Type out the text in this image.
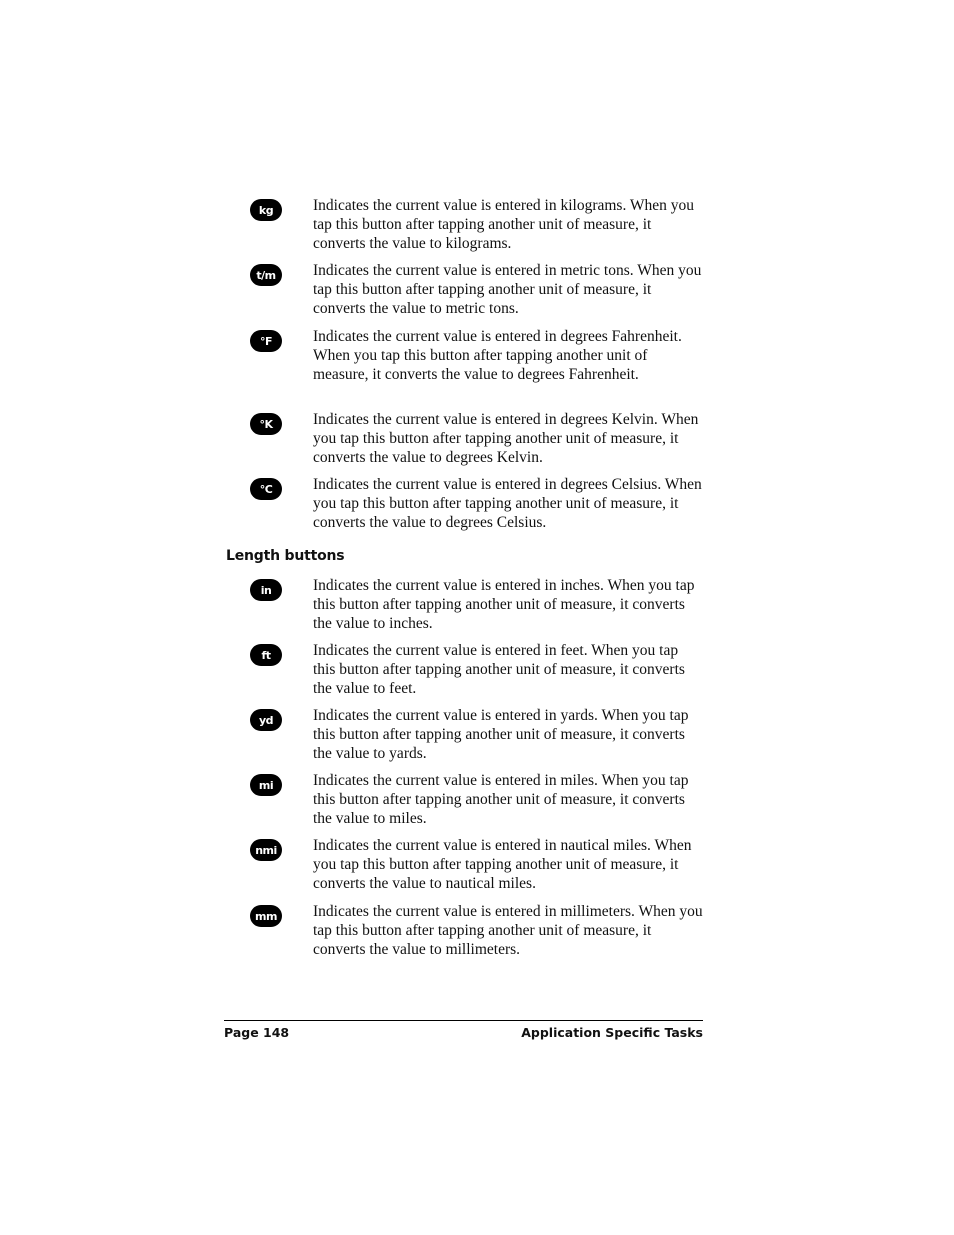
kg	Indicates the current value is entered in kilograms. When you tap this button after tapping another unit of measure, it converts the value to kilograms.

t/m	Indicates the current value is entered in metric tons. When you tap this button after tapping another unit of measure, it converts the value to metric tons.

°F	Indicates the current value is entered in degrees Fahrenheit. When you tap this button after tapping another unit of measure, it converts the value to degrees Fahrenheit.

°K	Indicates the current value is entered in degrees Kelvin. When you tap this button after tapping another unit of measure, it converts the value to degrees Kelvin.

°C	Indicates the current value is entered in degrees Celsius. When you tap this button after tapping another unit of measure, it converts the value to degrees Celsius.

Length buttons
in	Indicates the current value is entered in inches. When you tap this button after tapping another unit of measure, it converts the value to inches.

ft	Indicates the current value is entered in feet. When you tap this button after tapping another unit of measure, it converts the value to feet.

yd	Indicates the current value is entered in yards. When you tap this button after tapping another unit of measure, it converts the value to yards.

mi	Indicates the current value is entered in miles. When you tap this button after tapping another unit of measure, it converts the value to miles.

nmi	Indicates the current value is entered in nautical miles. When you tap this button after tapping another unit of measure, it converts the value to nautical miles.

mm	Indicates the current value is entered in millimeters. When you tap this button after tapping another unit of measure, it converts the value to millimeters.

Page 148	Application Specific Tasks
